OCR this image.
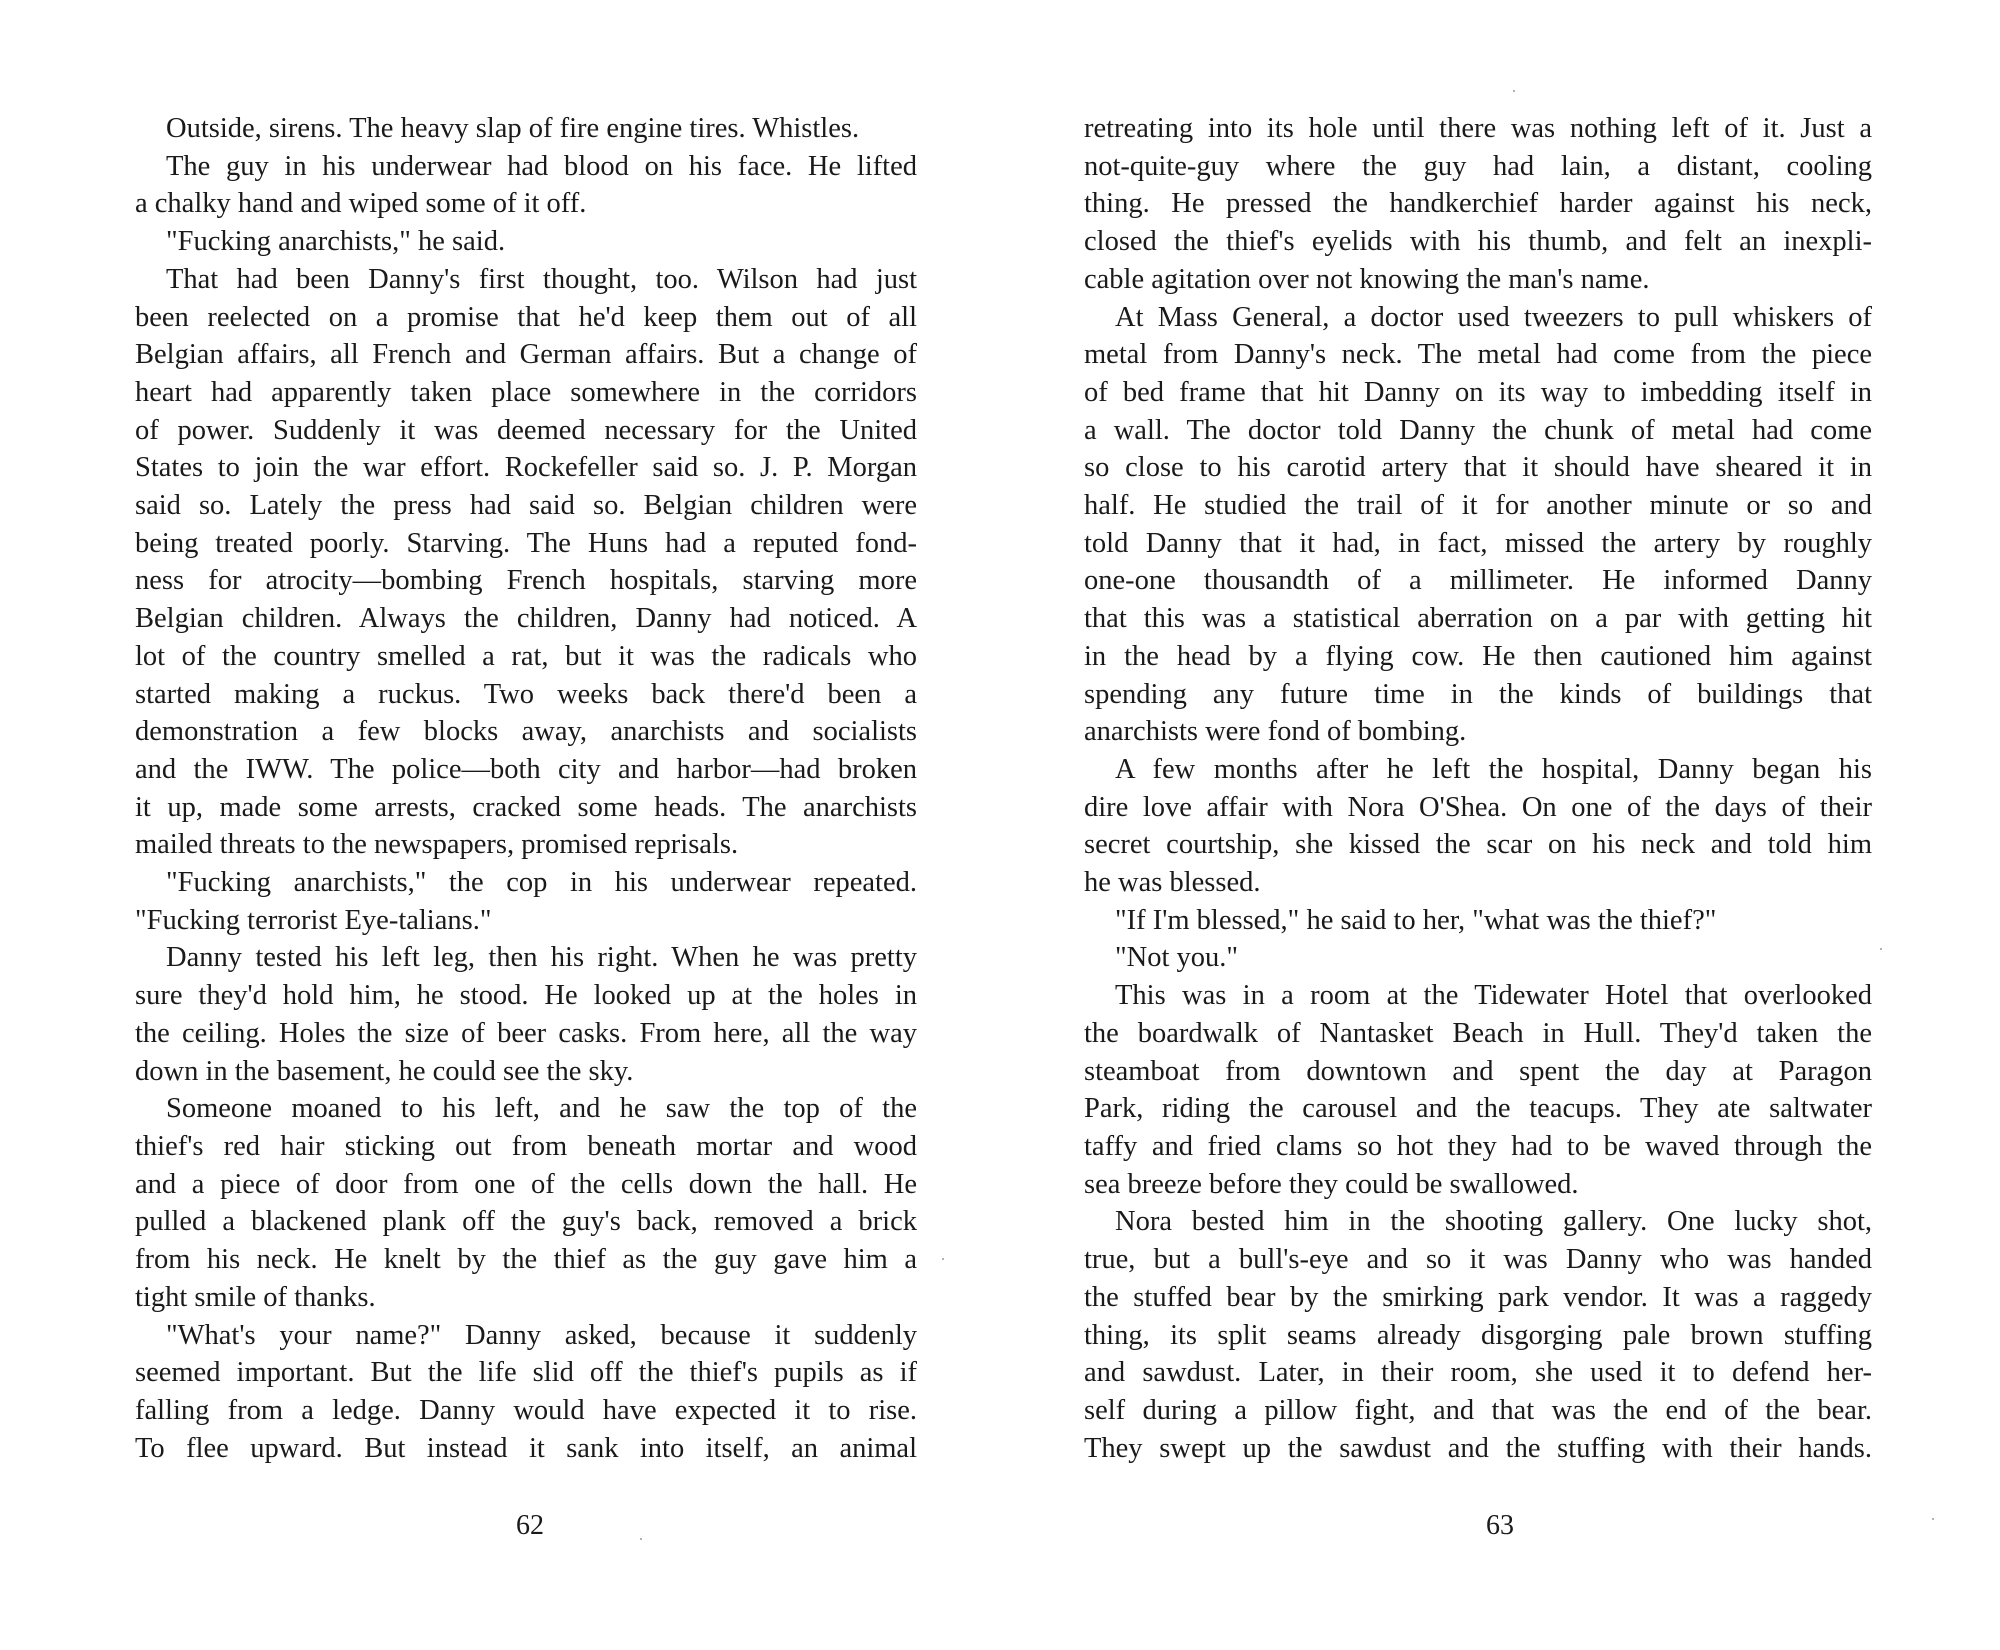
Outside, sirens. The heavy slap of fire engine tires. Whistles.
The guy in his underwear had blood on his face. He lifted
a chalky hand and wiped some of it off.
"Fucking anarchists," he said.
That had been Danny's first thought, too. Wilson had just
been reelected on a promise that he'd keep them out of all
Belgian affairs, all French and German affairs. But a change of
heart had apparently taken place somewhere in the corridors
of power. Suddenly it was deemed necessary for the United
States to join the war effort. Rockefeller said so. J. P. Morgan
said so. Lately the press had said so. Belgian children were
being treated poorly. Starving. The Huns had a reputed fond-
ness for atrocity—bombing French hospitals, starving more
Belgian children. Always the children, Danny had noticed. A
lot of the country smelled a rat, but it was the radicals who
started making a ruckus. Two weeks back there'd been a
demonstration a few blocks away, anarchists and socialists
and the IWW. The police—both city and harbor—had broken
it up, made some arrests, cracked some heads. The anarchists
mailed threats to the newspapers, promised reprisals.
"Fucking anarchists," the cop in his underwear repeated.
"Fucking terrorist Eye-talians."
Danny tested his left leg, then his right. When he was pretty
sure they'd hold him, he stood. He looked up at the holes in
the ceiling. Holes the size of beer casks. From here, all the way
down in the basement, he could see the sky.
Someone moaned to his left, and he saw the top of the
thief's red hair sticking out from beneath mortar and wood
and a piece of door from one of the cells down the hall. He
pulled a blackened plank off the guy's back, removed a brick
from his neck. He knelt by the thief as the guy gave him a
tight smile of thanks.
"What's your name?" Danny asked, because it suddenly
seemed important. But the life slid off the thief's pupils as if
falling from a ledge. Danny would have expected it to rise.
To flee upward. But instead it sank into itself, an animal
62
retreating into its hole until there was nothing left of it. Just a
not-quite-guy where the guy had lain, a distant, cooling
thing. He pressed the handkerchief harder against his neck,
closed the thief's eyelids with his thumb, and felt an inexpli-
cable agitation over not knowing the man's name.
At Mass General, a doctor used tweezers to pull whiskers of
metal from Danny's neck. The metal had come from the piece
of bed frame that hit Danny on its way to imbedding itself in
a wall. The doctor told Danny the chunk of metal had come
so close to his carotid artery that it should have sheared it in
half. He studied the trail of it for another minute or so and
told Danny that it had, in fact, missed the artery by roughly
one-one thousandth of a millimeter. He informed Danny
that this was a statistical aberration on a par with getting hit
in the head by a flying cow. He then cautioned him against
spending any future time in the kinds of buildings that
anarchists were fond of bombing.
A few months after he left the hospital, Danny began his
dire love affair with Nora O'Shea. On one of the days of their
secret courtship, she kissed the scar on his neck and told him
he was blessed.
"If I'm blessed," he said to her, "what was the thief?"
"Not you."
This was in a room at the Tidewater Hotel that overlooked
the boardwalk of Nantasket Beach in Hull. They'd taken the
steamboat from downtown and spent the day at Paragon
Park, riding the carousel and the teacups. They ate saltwater
taffy and fried clams so hot they had to be waved through the
sea breeze before they could be swallowed.
Nora bested him in the shooting gallery. One lucky shot,
true, but a bull's-eye and so it was Danny who was handed
the stuffed bear by the smirking park vendor. It was a raggedy
thing, its split seams already disgorging pale brown stuffing
and sawdust. Later, in their room, she used it to defend her-
self during a pillow fight, and that was the end of the bear.
They swept up the sawdust and the stuffing with their hands.
63
